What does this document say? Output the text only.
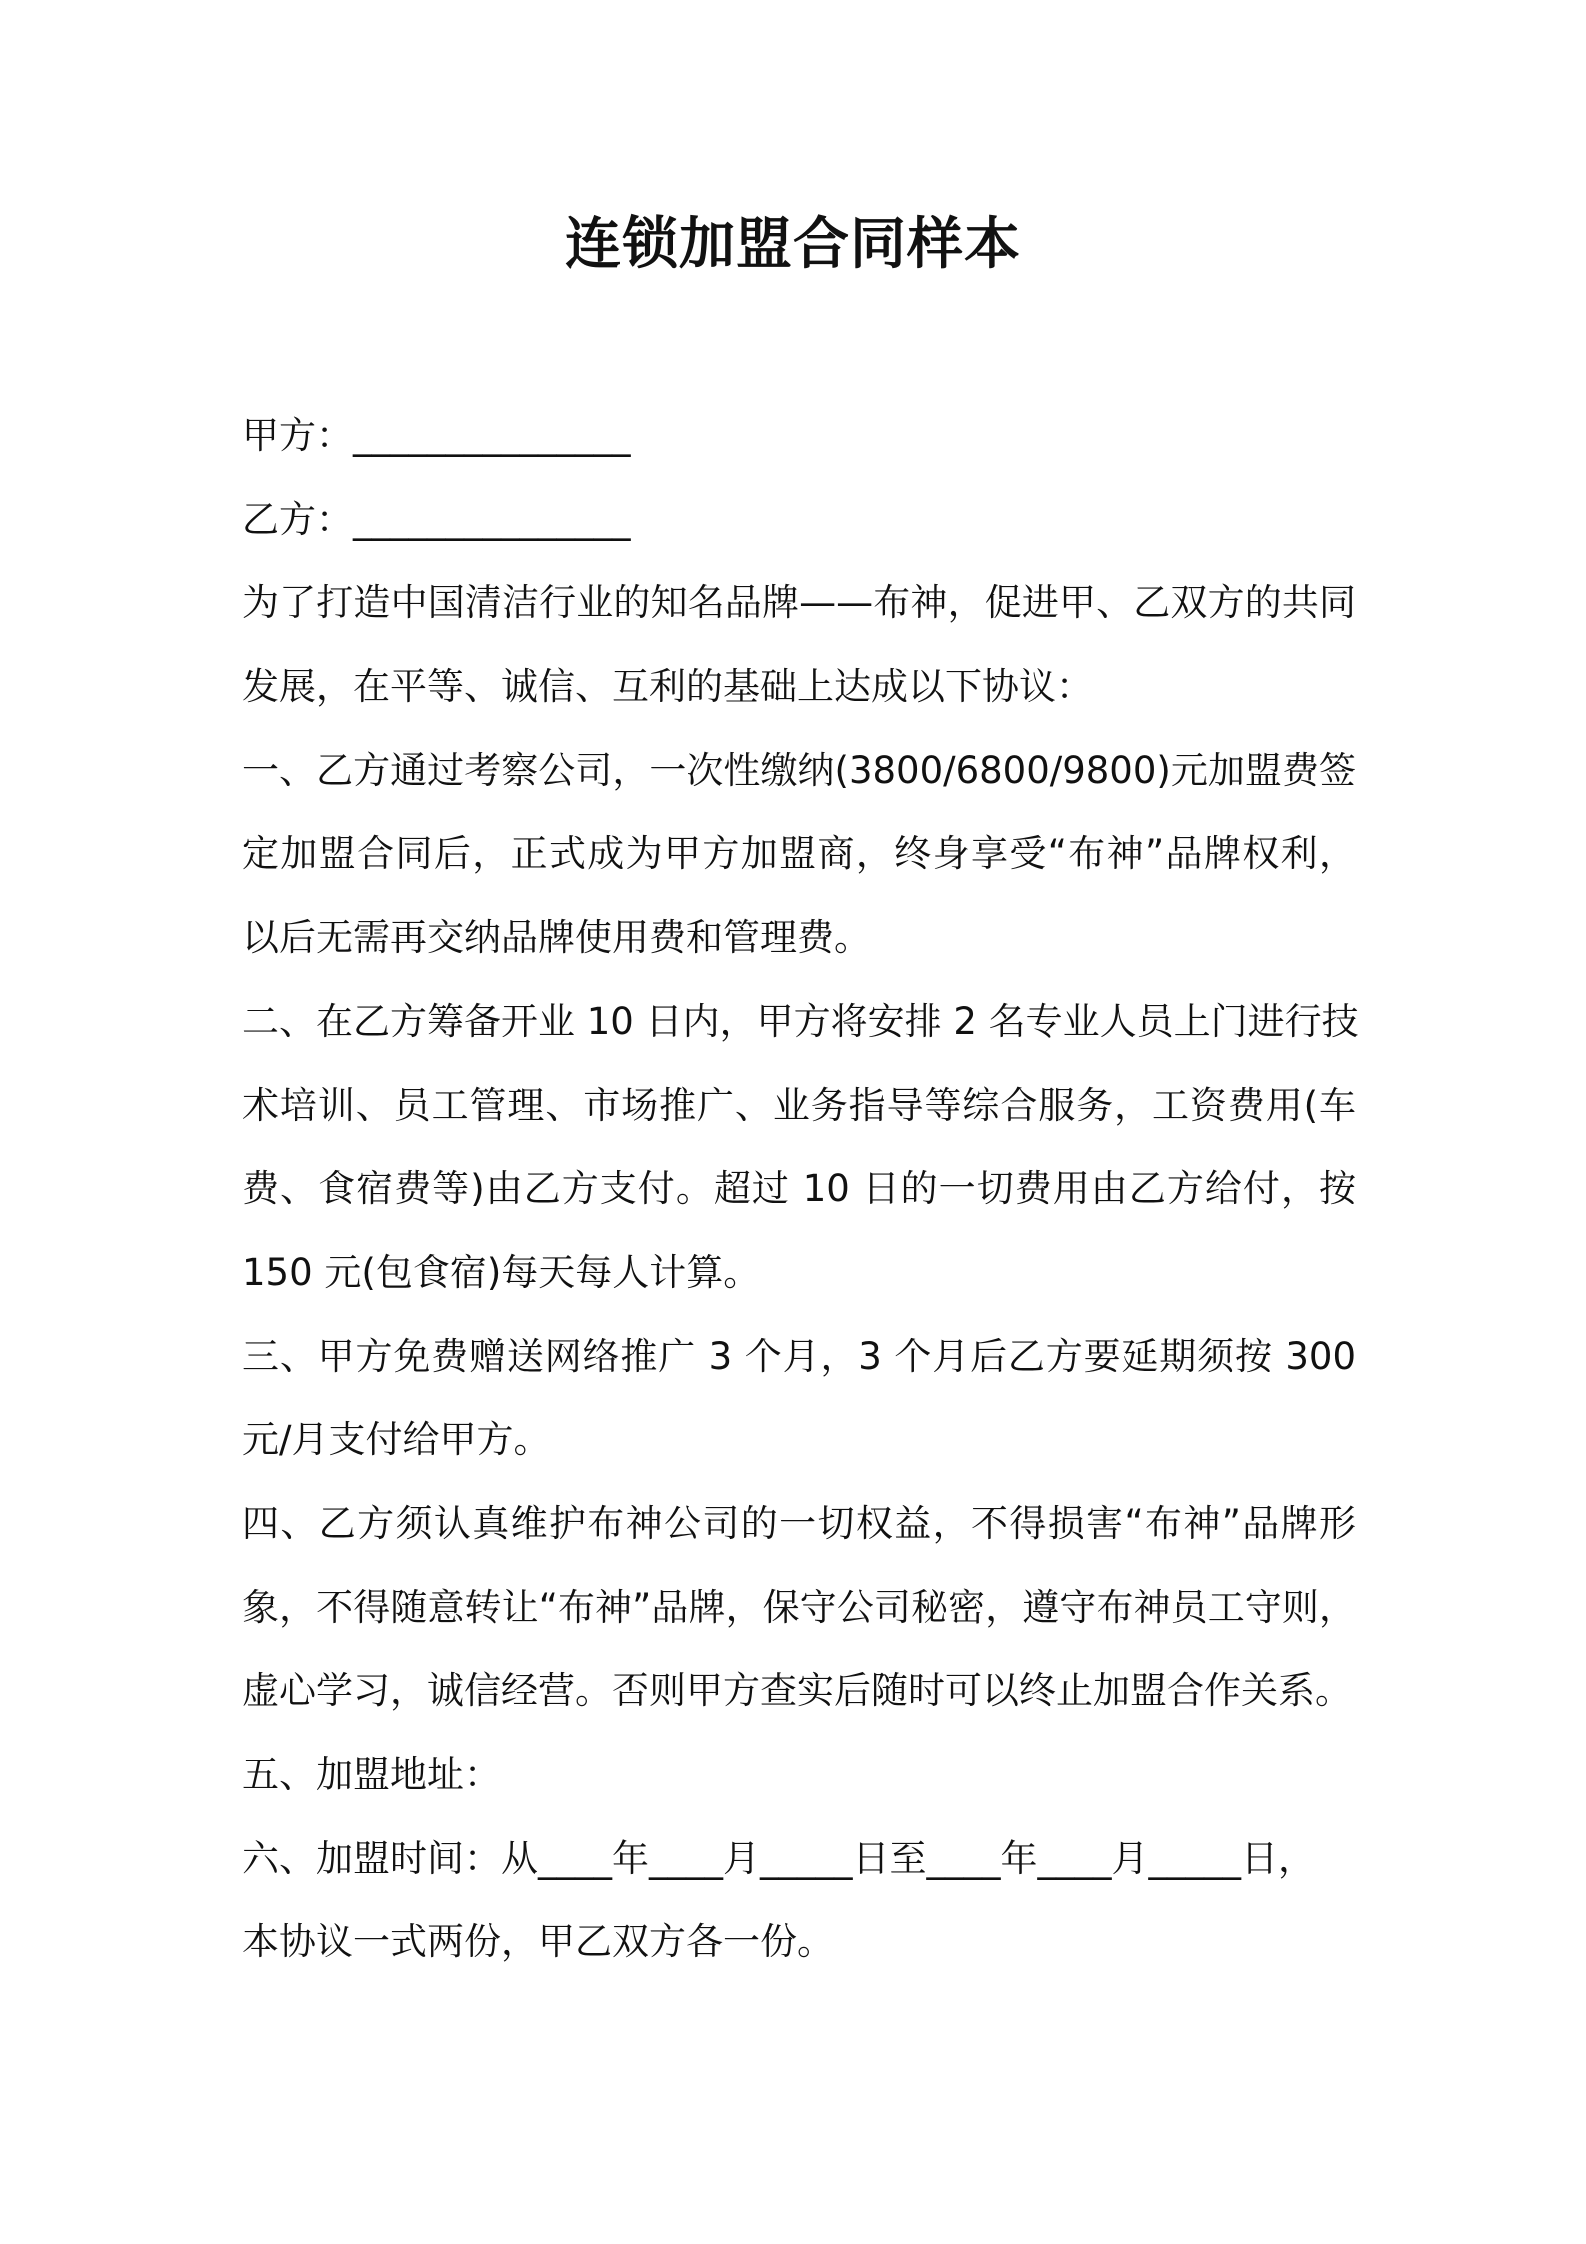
连锁加盟合同样本
甲方：_______________
乙方：_______________
为了打造中国清洁行业的知名品牌——布神，促进甲、乙双方的共同
发展，在平等、诚信、互利的基础上达成以下协议：
一、乙方通过考察公司，一次性缴纳(3800/6800/9800)元加盟费签
定加盟合同后，正式成为甲方加盟商，终身享受“布神”品牌权利，
以后无需再交纳品牌使用费和管理费。
二、在乙方筹备开业 10 日内，甲方将安排 2 名专业人员上门进行技
术培训、员工管理、市场推广、业务指导等综合服务，工资费用(车
费、食宿费等)由乙方支付。超过 10 日的一切费用由乙方给付，按
150 元(包食宿)每天每人计算。
三、甲方免费赠送网络推广 3 个月，3 个月后乙方要延期须按 300
元/月支付给甲方。
四、乙方须认真维护布神公司的一切权益，不得损害“布神”品牌形
象，不得随意转让“布神”品牌，保守公司秘密，遵守布神员工守则，
虚心学习，诚信经营。否则甲方查实后随时可以终止加盟合作关系。
五、加盟地址：
六、加盟时间：从____年____月_____日至____年____月_____日，
本协议一式两份，甲乙双方各一份。
